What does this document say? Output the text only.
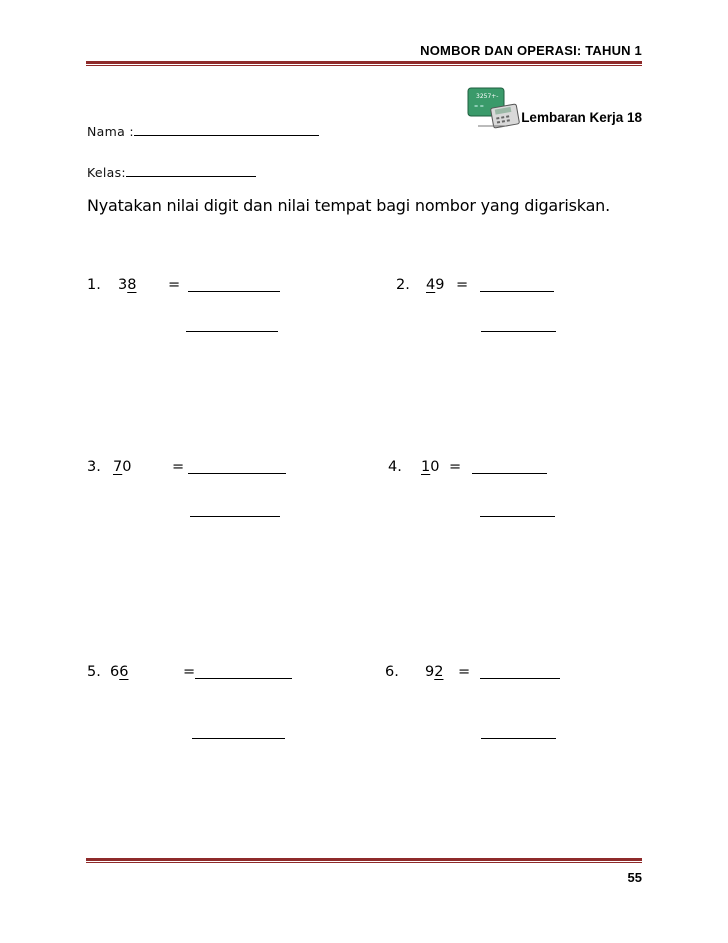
NOMBOR DAN OPERASI: TAHUN 1
3257+-
= =
Lembaran Kerja 18
Nama :
Kelas:
Nyatakan nilai digit dan nilai tempat bagi nombor yang digariskan.
1. 38 =	2. 49 =
3. 70	=	4. 10 =
5. 66	=	6. 92 =
55
